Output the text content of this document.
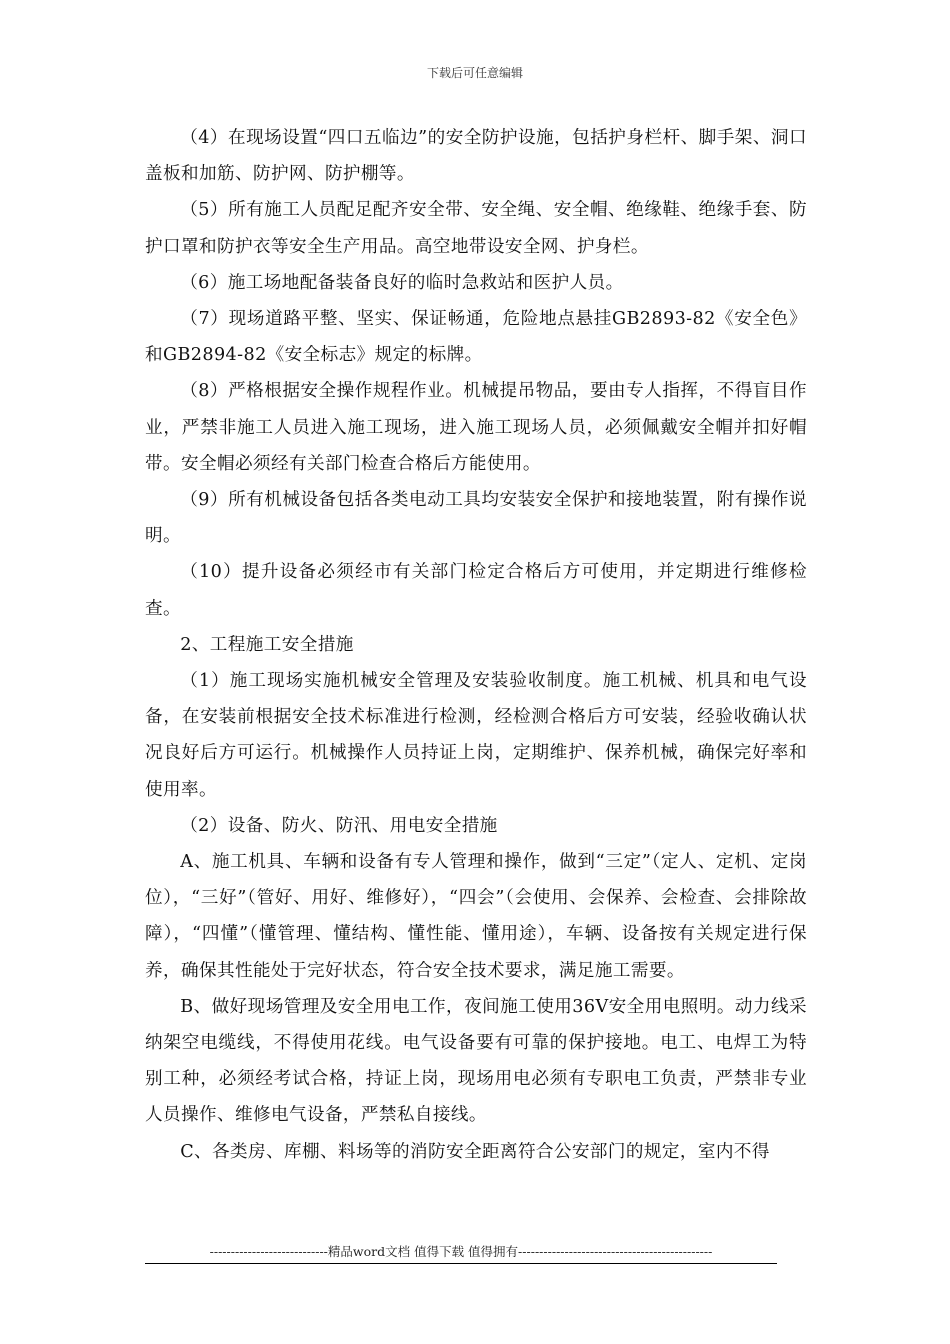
下载后可任意编辑

（4）在现场设置“四口五临边”的安全防护设施，包括护身栏杆、脚手架、洞口盖板和加筋、防护网、防护棚等。

（5）所有施工人员配足配齐安全带、安全绳、安全帽、绝缘鞋、绝缘手套、防护口罩和防护衣等安全生产用品。高空地带设安全网、护身栏。

（6）施工场地配备装备良好的临时急救站和医护人员。

（7）现场道路平整、坚实、保证畅通，危险地点悬挂GB2893-82《安全色》和GB2894-82《安全标志》规定的标牌。

（8）严格根据安全操作规程作业。机械提吊物品，要由专人指挥，不得盲目作业，严禁非施工人员进入施工现场，进入施工现场人员，必须佩戴安全帽并扣好帽带。安全帽必须经有关部门检查合格后方能使用。

（9）所有机械设备包括各类电动工具均安装安全保护和接地装置，附有操作说明。

（10）提升设备必须经市有关部门检定合格后方可使用，并定期进行维修检查。

2、工程施工安全措施

（1）施工现场实施机械安全管理及安装验收制度。施工机械、机具和电气设备，在安装前根据安全技术标准进行检测，经检测合格后方可安装，经验收确认状况良好后方可运行。机械操作人员持证上岗，定期维护、保养机械，确保完好率和使用率。

（2）设备、防火、防汛、用电安全措施

A、施工机具、车辆和设备有专人管理和操作，做到“三定”（定人、定机、定岗位），“三好”（管好、用好、维修好），“四会”（会使用、会保养、会检查、会排除故障），“四懂”（懂管理、懂结构、懂性能、懂用途），车辆、设备按有关规定进行保养，确保其性能处于完好状态，符合安全技术要求，满足施工需要。

B、做好现场管理及安全用电工作，夜间施工使用36V安全用电照明。动力线采纳架空电缆线，不得使用花线。电气设备要有可靠的保护接地。电工、电焊工为特别工种，必须经考试合格，持证上岗，现场用电必须有专职电工负责，严禁非专业人员操作、维修电气设备，严禁私自接线。

C、各类房、库棚、料场等的消防安全距离符合公安部门的规定，室内不得

----------------------------精品word文档 值得下载 值得拥有----------------------------------------------
